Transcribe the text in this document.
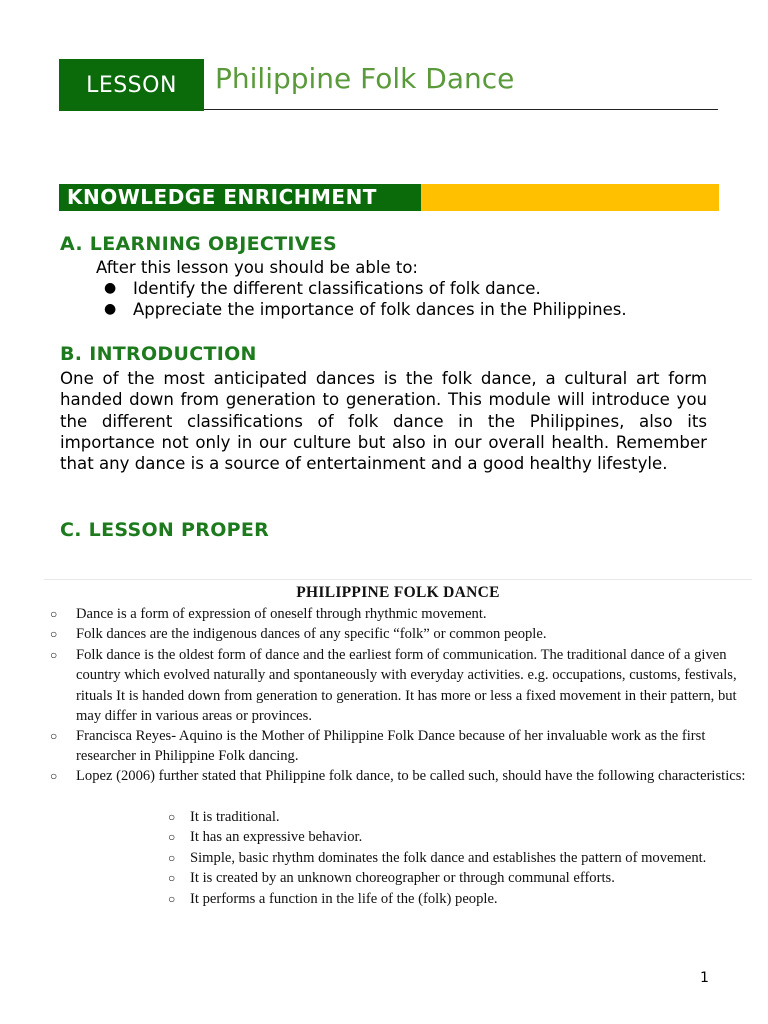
LESSON	Philippine Folk Dance
KNOWLEDGE ENRICHMENT
A. LEARNING OBJECTIVES
After this lesson you should be able to:
●	Identify the different classifications of folk dance.
●	Appreciate the importance of folk dances in the Philippines.
B. INTRODUCTION
One of the most anticipated dances is the folk dance, a cultural art form handed down from generation to generation. This module will introduce you the different classifications of folk dance in the Philippines, also its importance not only in our culture but also in our overall health. Remember that any dance is a source of entertainment and a good healthy lifestyle.
C. LESSON PROPER
PHILIPPINE FOLK DANCE
○	Dance is a form of expression of oneself through rhythmic movement.
○	Folk dances are the indigenous dances of any specific “folk” or common people.
○	Folk dance is the oldest form of dance and the earliest form of communication. The traditional dance of a given country which evolved naturally and spontaneously with everyday activities. e.g. occupations, customs, festivals, rituals It is handed down from generation to generation. It has more or less a fixed movement in their pattern, but may differ in various areas or provinces.
○	Francisca Reyes- Aquino is the Mother of Philippine Folk Dance because of her invaluable work as the first researcher in Philippine Folk dancing.
○	Lopez (2006) further stated that Philippine folk dance, to be called such, should have the following characteristics:
○	It is traditional.
○	It has an expressive behavior.
○	Simple, basic rhythm dominates the folk dance and establishes the pattern of movement.
○	It is created by an unknown choreographer or through communal efforts.
○	It performs a function in the life of the (folk) people.
1
